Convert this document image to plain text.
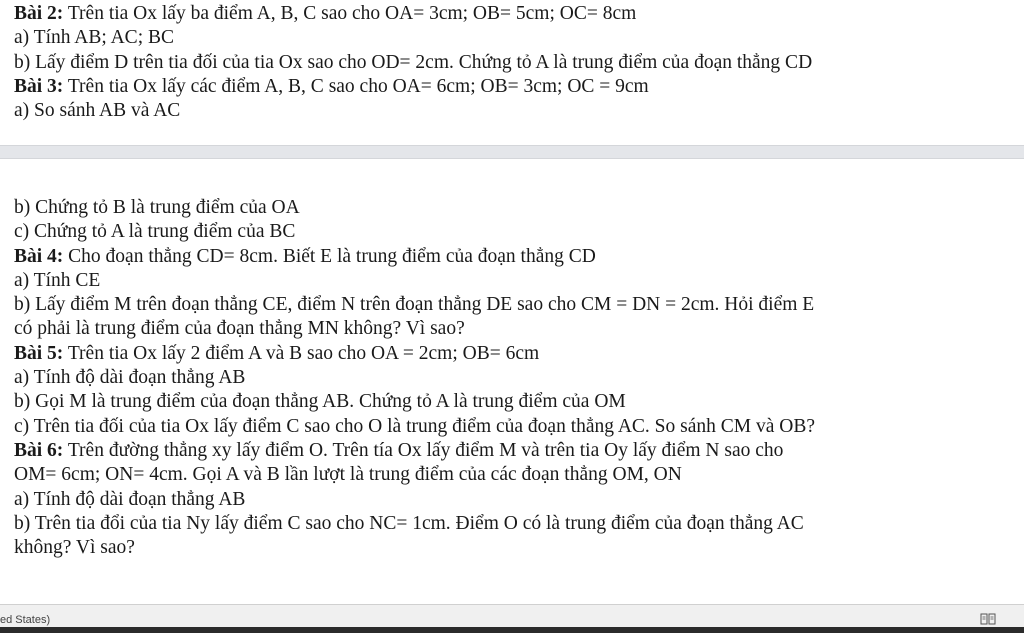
Bài 2: Trên tia Ox lấy ba điểm A, B, C sao cho OA= 3cm; OB= 5cm; OC= 8cm
a) Tính AB; AC; BC
b) Lấy điểm D trên tia đối của tia Ox sao cho OD= 2cm. Chứng tỏ A là trung điểm của đoạn thẳng CD
Bài 3: Trên tia Ox lấy các điểm A, B, C sao cho OA= 6cm; OB= 3cm; OC = 9cm
a) So sánh AB và AC
b) Chứng tỏ B là trung điểm của OA
c) Chứng tỏ A là trung điểm của BC
Bài 4: Cho đoạn thẳng CD= 8cm. Biết E là trung điểm của đoạn thẳng CD
a) Tính CE
b) Lấy điểm M trên đoạn thẳng CE, điểm N trên đoạn thẳng DE sao cho CM = DN = 2cm. Hỏi điểm E
có phải là trung điểm của đoạn thẳng MN không? Vì sao?
Bài 5: Trên tia Ox lấy 2 điểm A và B sao cho OA = 2cm; OB= 6cm
a) Tính độ dài đoạn thẳng AB
b) Gọi M là trung điểm của đoạn thẳng AB. Chứng tỏ A là trung điểm của OM
c) Trên tia đối của tia Ox lấy điểm C sao cho O là trung điểm của đoạn thẳng AC. So sánh CM và OB?
Bài 6: Trên đường thẳng xy lấy điểm O. Trên tía Ox lấy điểm M và trên tia Oy lấy điểm N sao cho
OM= 6cm; ON= 4cm. Gọi A và B lần lượt là trung điểm của các đoạn thẳng OM, ON
a) Tính độ dài đoạn thẳng AB
b) Trên tia đổi của tia Ny lấy điểm C sao cho NC= 1cm. Điểm O có là trung điểm của đoạn thẳng AC
không? Vì sao?
ed States)
